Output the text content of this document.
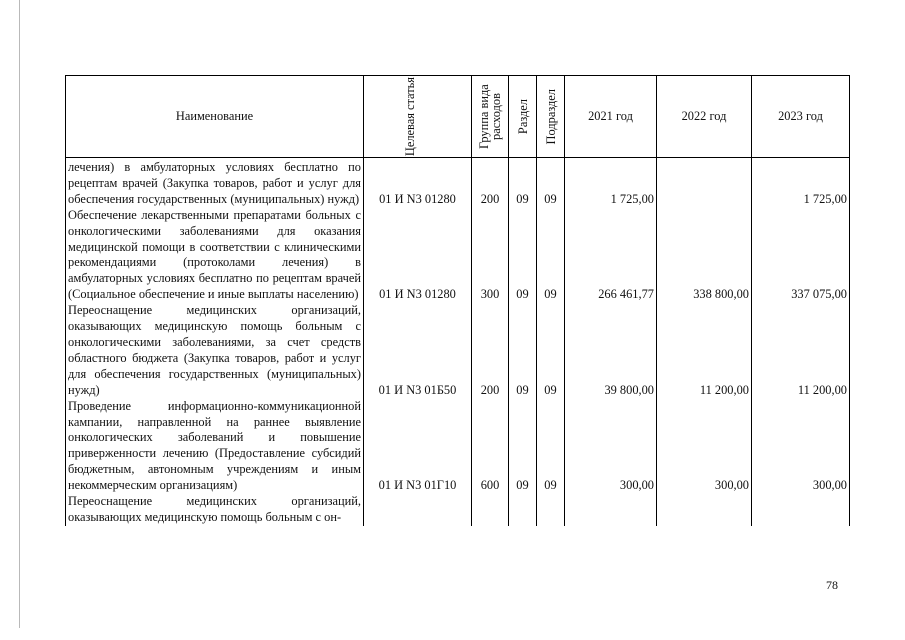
Наименование	Целевая статья	Группа вида расходов	Раздел	Подраздел	2021 год	2022 год	2023 год
лечения) в амбулаторных условиях бесплатно по рецептам врачей (Закупка товаров, работ и услуг для обеспечения государственных (муниципальных) нужд)	01 И N3 01280	200	09	09	1 725,00		1 725,00
Обеспечение лекарственными препаратами больных с онкологическими заболеваниями для оказания медицинской помощи в соответствии с клиническими рекомендациями (протоколами лечения) в амбулаторных условиях бесплатно по рецептам врачей (Социальное обеспечение и иные выплаты населению)	01 И N3 01280	300	09	09	266 461,77	338 800,00	337 075,00
Переоснащение медицинских организаций, оказывающих медицинскую помощь больным с онкологическими заболеваниями, за счет средств областного бюджета (Закупка товаров, работ и услуг для обеспечения государственных (муниципальных) нужд)	01 И N3 01Б50	200	09	09	39 800,00	11 200,00	11 200,00
Проведение информационно-коммуникационной кампании, направленной на раннее выявление онкологических заболеваний и повышение приверженности лечению (Предоставление субсидий бюджетным, автономным учреждениям и иным некоммерческим организациям)	01 И N3 01Г10	600	09	09	300,00	300,00	300,00
Переоснащение медицинских организаций, оказывающих медицинскую помощь больным с он-							
78
